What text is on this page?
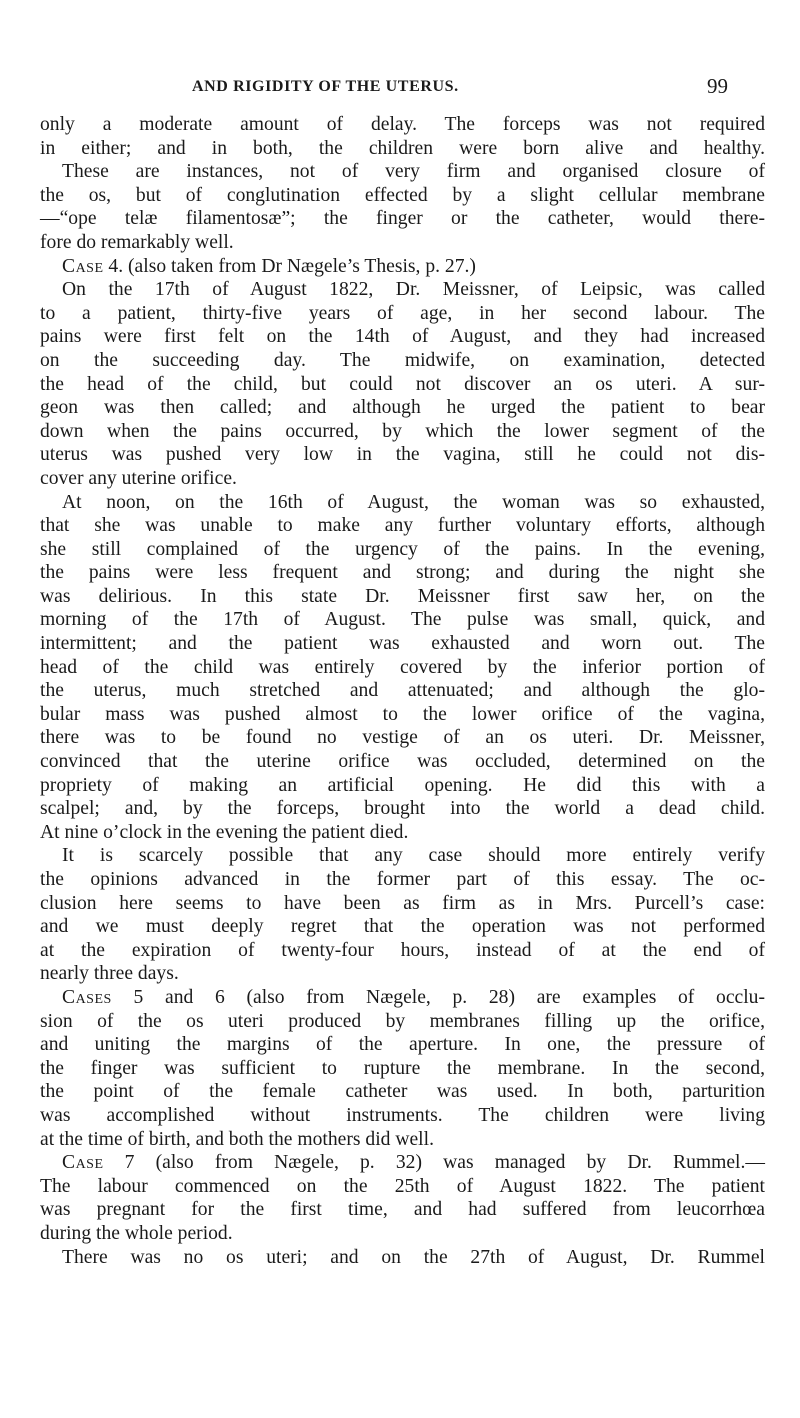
AND RIGIDITY OF THE UTERUS.	99
only a moderate amount of delay. The forceps was not required
in either; and in both, the children were born alive and healthy.
These are instances, not of very firm and organised closure of
the os, but of conglutination effected by a slight cellular membrane
—“ope telæ filamentosæ”; the finger or the catheter, would there-
fore do remarkably well.
Case 4. (also taken from Dr Nægele’s Thesis, p. 27.)
On the 17th of August 1822, Dr. Meissner, of Leipsic, was called
to a patient, thirty-five years of age, in her second labour. The
pains were first felt on the 14th of August, and they had increased
on the succeeding day. The midwife, on examination, detected
the head of the child, but could not discover an os uteri. A sur-
geon was then called; and although he urged the patient to bear
down when the pains occurred, by which the lower segment of the
uterus was pushed very low in the vagina, still he could not dis-
cover any uterine orifice.
At noon, on the 16th of August, the woman was so exhausted,
that she was unable to make any further voluntary efforts, although
she still complained of the urgency of the pains. In the evening,
the pains were less frequent and strong; and during the night she
was delirious. In this state Dr. Meissner first saw her, on the
morning of the 17th of August. The pulse was small, quick, and
intermittent; and the patient was exhausted and worn out. The
head of the child was entirely covered by the inferior portion of
the uterus, much stretched and attenuated; and although the glo-
bular mass was pushed almost to the lower orifice of the vagina,
there was to be found no vestige of an os uteri. Dr. Meissner,
convinced that the uterine orifice was occluded, determined on the
propriety of making an artificial opening. He did this with a
scalpel; and, by the forceps, brought into the world a dead child.
At nine o’clock in the evening the patient died.
It is scarcely possible that any case should more entirely verify
the opinions advanced in the former part of this essay. The oc-
clusion here seems to have been as firm as in Mrs. Purcell’s case:
and we must deeply regret that the operation was not performed
at the expiration of twenty-four hours, instead of at the end of
nearly three days.
Cases 5 and 6 (also from Nægele, p. 28) are examples of occlu-
sion of the os uteri produced by membranes filling up the orifice,
and uniting the margins of the aperture. In one, the pressure of
the finger was sufficient to rupture the membrane. In the second,
the point of the female catheter was used. In both, parturition
was accomplished without instruments. The children were living
at the time of birth, and both the mothers did well.
Case 7 (also from Nægele, p. 32) was managed by Dr. Rummel.—
The labour commenced on the 25th of August 1822. The patient
was pregnant for the first time, and had suffered from leucorrhœa
during the whole period.
There was no os uteri; and on the 27th of August, Dr. Rummel
